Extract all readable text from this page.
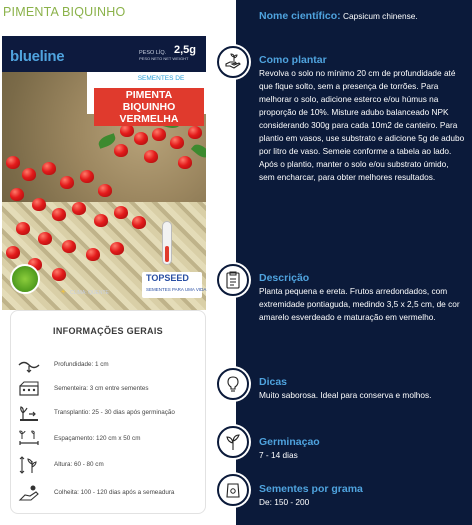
PIMENTA BIQUINHO
blueline	PESO LÍQ.
PESO NETO NET WEIGHT
2,5g
SEMENTES DE
PIMENTA
BIQUINHO VERMELHA
☀ CLIMA: QUENTE
TOPSEED
SEMENTES PARA UMA VIDA
INFORMAÇÕES GERAIS
Profundidade: 1 cm
Sementeira: 3 cm entre sementes
Transplantio: 25 - 30 dias após germinação
Espaçamento: 120 cm x 50 cm
Altura: 60 - 80 cm
Colheita: 100 - 120 dias após a semeadura
Nome científico: Capsicum chinense.
Como plantar
Revolva o solo no mínimo 20 cm de profundidade até que fique solto, sem a presença de torrões. Para melhorar o solo, adicione esterco e/ou húmus na proporção de 10%. Misture adubo balanceado NPK considerando 300g para cada 10m2 de canteiro. Para plantio em vasos, use substrato e adicione 5g de adubo por litro de vaso. Semeie conforme a tabela ao lado. Após o plantio, manter o solo e/ou substrato úmido, sem encharcar, para obter melhores resultados.
Descrição
Planta pequena e ereta. Frutos arredondados, com extremidade pontiaguda, medindo 3,5 x 2,5 cm, de cor amarelo esverdeado e maturação em vermelho.
Dicas
Muito saborosa. Ideal para conserva e molhos.
Germinaçao
7 - 14 dias
Sementes por grama
De: 150 - 200
